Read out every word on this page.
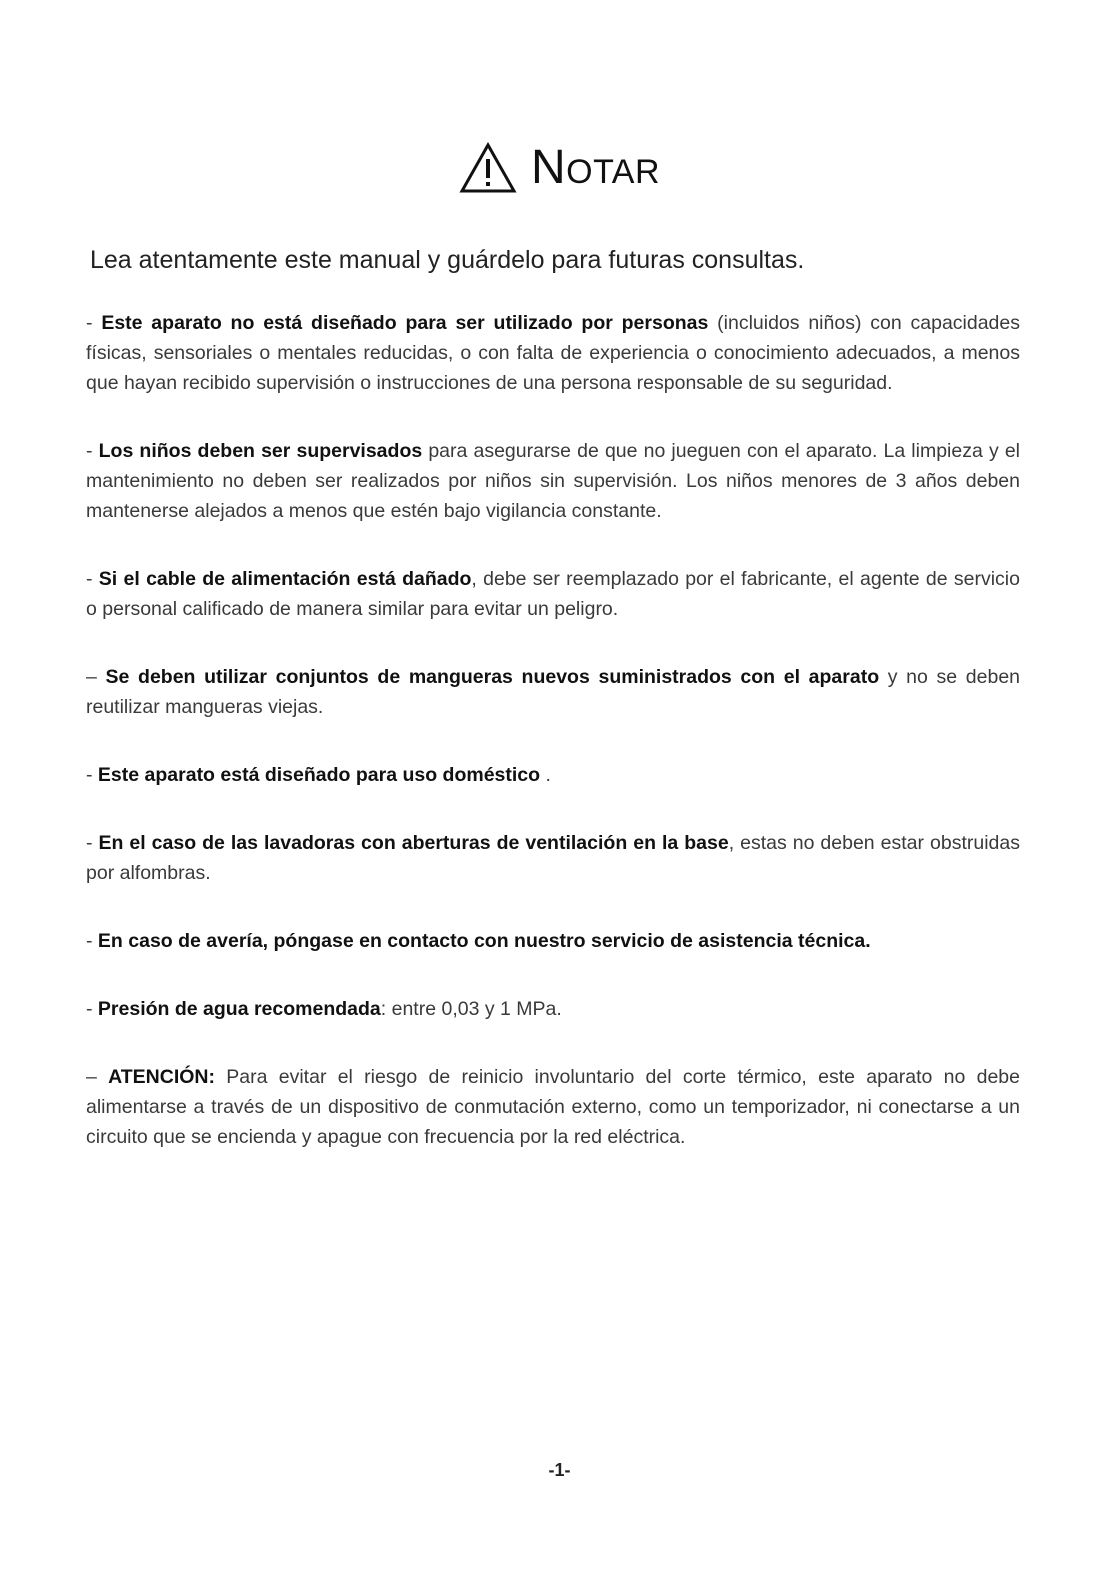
Notar
Lea atentamente este manual y guárdelo para futuras consultas.

- Este aparato no está diseñado para ser utilizado por personas (incluidos niños) con capacidades físicas, sensoriales o mentales reducidas, o con falta de experiencia o conocimiento adecuados, a menos que hayan recibido supervisión o instrucciones de una persona responsable de su seguridad.

- Los niños deben ser supervisados para asegurarse de que no jueguen con el aparato. La limpieza y el mantenimiento no deben ser realizados por niños sin supervisión. Los niños menores de 3 años deben mantenerse alejados a menos que estén bajo vigilancia constante.

- Si el cable de alimentación está dañado, debe ser reemplazado por el fabricante, el agente de servicio o personal calificado de manera similar para evitar un peligro.

– Se deben utilizar conjuntos de mangueras nuevos suministrados con el aparato y no se deben reutilizar mangueras viejas.

- Este aparato está diseñado para uso doméstico .

- En el caso de las lavadoras con aberturas de ventilación en la base, estas no deben estar obstruidas por alfombras.

- En caso de avería, póngase en contacto con nuestro servicio de asistencia técnica.

- Presión de agua recomendada: entre 0,03 y 1 MPa.

– ATENCIÓN: Para evitar el riesgo de reinicio involuntario del corte térmico, este aparato no debe alimentarse a través de un dispositivo de conmutación externo, como un temporizador, ni conectarse a un circuito que se encienda y apague con frecuencia por la red eléctrica.

-1-
